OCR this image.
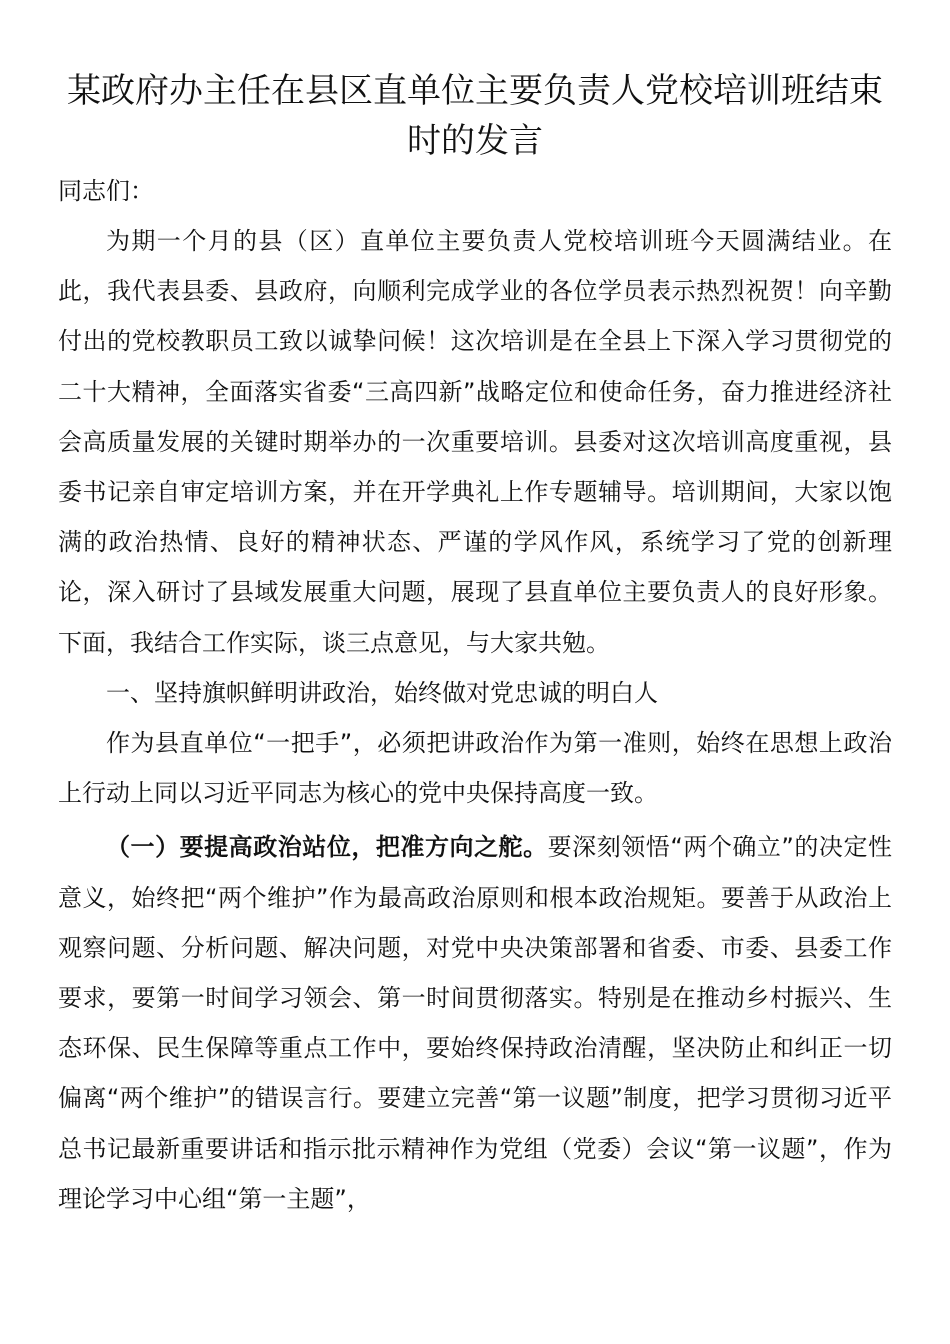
某政府办主任在县区直单位主要负责人党校培训班结束时的发言

同志们：

为期一个月的县（区）直单位主要负责人党校培训班今天圆满结业。在此，我代表县委、县政府，向顺利完成学业的各位学员表示热烈祝贺！向辛勤付出的党校教职员工致以诚挚问候！这次培训是在全县上下深入学习贯彻党的二十大精神，全面落实省委“三高四新”战略定位和使命任务，奋力推进经济社会高质量发展的关键时期举办的一次重要培训。县委对这次培训高度重视，县委书记亲自审定培训方案，并在开学典礼上作专题辅导。培训期间，大家以饱满的政治热情、良好的精神状态、严谨的学风作风，系统学习了党的创新理论，深入研讨了县域发展重大问题，展现了县直单位主要负责人的良好形象。下面，我结合工作实际，谈三点意见，与大家共勉。

一、坚持旗帜鲜明讲政治，始终做对党忠诚的明白人

作为县直单位“一把手”，必须把讲政治作为第一准则，始终在思想上政治上行动上同以习近平同志为核心的党中央保持高度一致。

（一）要提高政治站位，把准方向之舵。要深刻领悟“两个确立”的决定性意义，始终把“两个维护”作为最高政治原则和根本政治规矩。要善于从政治上观察问题、分析问题、解决问题，对党中央决策部署和省委、市委、县委工作要求，要第一时间学习领会、第一时间贯彻落实。特别是在推动乡村振兴、生态环保、民生保障等重点工作中，要始终保持政治清醒，坚决防止和纠正一切偏离“两个维护”的错误言行。要建立完善“第一议题”制度，把学习贯彻习近平总书记最新重要讲话和指示批示精神作为党组（党委）会议“第一议题”，作为理论学习中心组“第一主题”，
